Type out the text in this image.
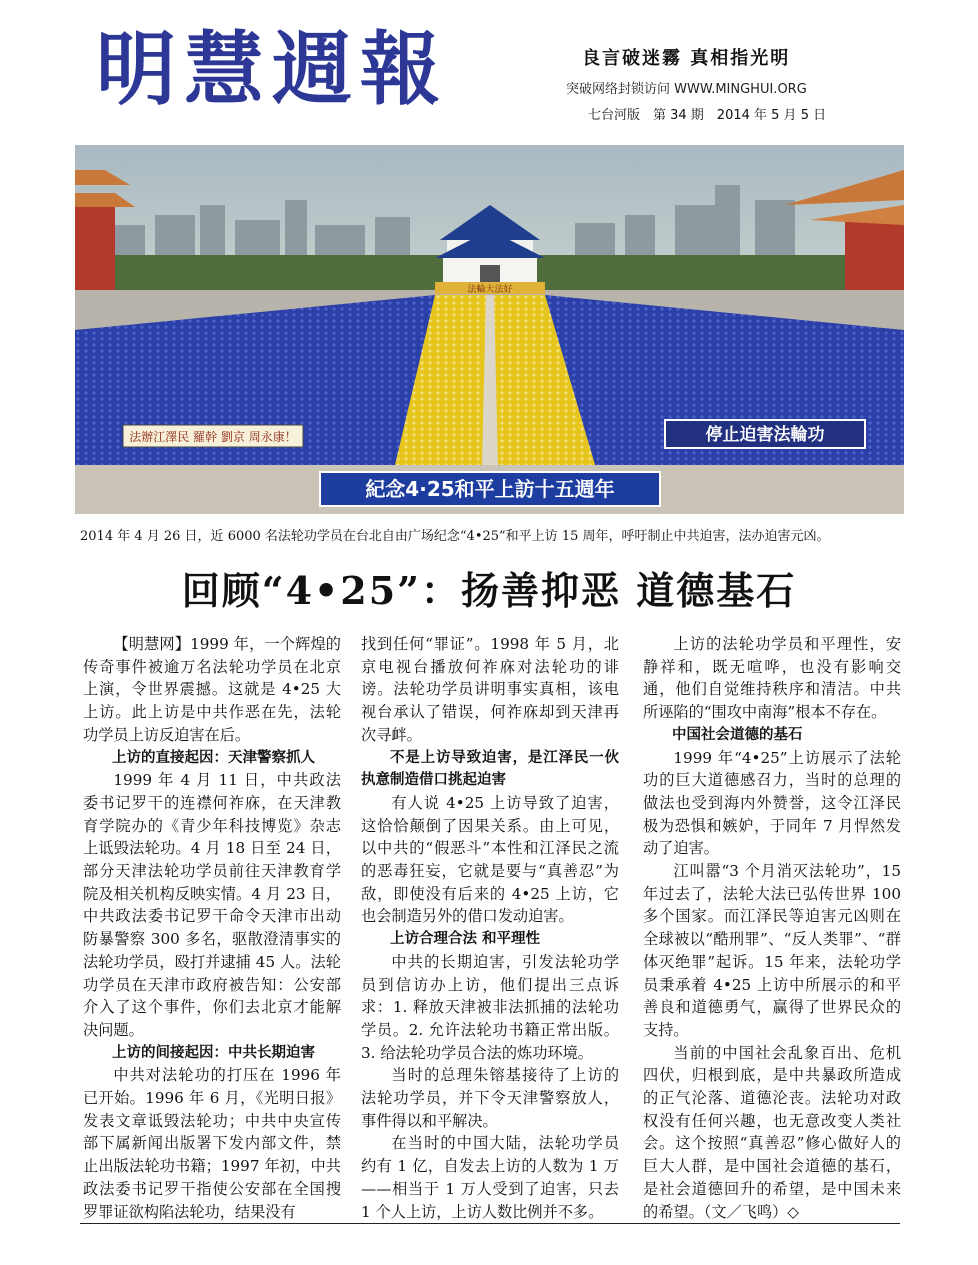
明慧週報	良言破迷霧 真相指光明
突破网络封锁访问 WWW.MINGHUI.ORG
七台河版　第 34 期　2014 年 5 月 5 日
法輪大法好
法辦江澤民 羅幹 劉京 周永康！	停止迫害法輪功
紀念4·25和平上訪十五週年
2014 年 4 月 26 日，近 6000 名法轮功学员在台北自由广场纪念“4•25”和平上访 15 周年，呼吁制止中共迫害，法办迫害元凶。
回顾“4•25”：扬善抑恶 道德基石

【明慧网】1999 年，一个辉煌的传奇事件被逾万名法轮功学员在北京上演，令世界震撼。这就是 4•25 大上访。此上访是中共作恶在先，法轮功学员上访反迫害在后。

上访的直接起因：天津警察抓人

1999 年 4 月 11 日，中共政法委书记罗干的连襟何祚庥，在天津教育学院办的《青少年科技博览》杂志上诋毁法轮功。4 月 18 日至 24 日，部分天津法轮功学员前往天津教育学院及相关机构反映实情。4 月 23 日，中共政法委书记罗干命令天津市出动防暴警察 300 多名，驱散澄清事实的法轮功学员，殴打并逮捕 45 人。法轮功学员在天津市政府被告知：公安部介入了这个事件，你们去北京才能解决问题。

上访的间接起因：中共长期迫害

中共对法轮功的打压在 1996 年已开始。1996 年 6 月，《光明日报》发表文章诋毁法轮功；中共中央宣传部下属新闻出版署下发内部文件，禁止出版法轮功书籍；1997 年初，中共政法委书记罗干指使公安部在全国搜罗罪证欲构陷法轮功，结果没有

找到任何“罪证”。1998 年 5 月，北京电视台播放何祚庥对法轮功的诽谤。法轮功学员讲明事实真相，该电视台承认了错误，何祚庥却到天津再次寻衅。

不是上访导致迫害，是江泽民一伙执意制造借口挑起迫害

有人说 4•25 上访导致了迫害，这恰恰颠倒了因果关系。由上可见，以中共的“假恶斗”本性和江泽民之流的恶毒狂妄，它就是要与“真善忍”为敌，即使没有后来的 4•25 上访，它也会制造另外的借口发动迫害。

上访合理合法 和平理性

中共的长期迫害，引发法轮功学员到信访办上访，他们提出三点诉求：1. 释放天津被非法抓捕的法轮功学员。2. 允许法轮功书籍正常出版。3. 给法轮功学员合法的炼功环境。

当时的总理朱镕基接待了上访的法轮功学员，并下令天津警察放人，事件得以和平解决。

在当时的中国大陆，法轮功学员约有 1 亿，自发去上访的人数为 1 万——相当于 1 万人受到了迫害，只去 1 个人上访，上访人数比例并不多。

上访的法轮功学员和平理性，安静祥和，既无喧哗，也没有影响交通，他们自觉维持秩序和清洁。中共所诬陷的“围攻中南海”根本不存在。

中国社会道德的基石

1999 年“4•25”上访展示了法轮功的巨大道德感召力，当时的总理的做法也受到海内外赞誉，这令江泽民极为恐惧和嫉妒，于同年 7 月悍然发动了迫害。

江叫嚣“3 个月消灭法轮功”，15 年过去了，法轮大法已弘传世界 100 多个国家。而江泽民等迫害元凶则在全球被以“酷刑罪”、“反人类罪”、“群体灭绝罪”起诉。15 年来，法轮功学员秉承着 4•25 上访中所展示的和平善良和道德勇气，赢得了世界民众的支持。

当前的中国社会乱象百出、危机四伏，归根到底，是中共暴政所造成的正气沦落、道德沦丧。法轮功对政权没有任何兴趣，也无意改变人类社会。这个按照“真善忍”修心做好人的巨大人群，是中国社会道德的基石，是社会道德回升的希望，是中国未来的希望。（文／飞鸣）◇
